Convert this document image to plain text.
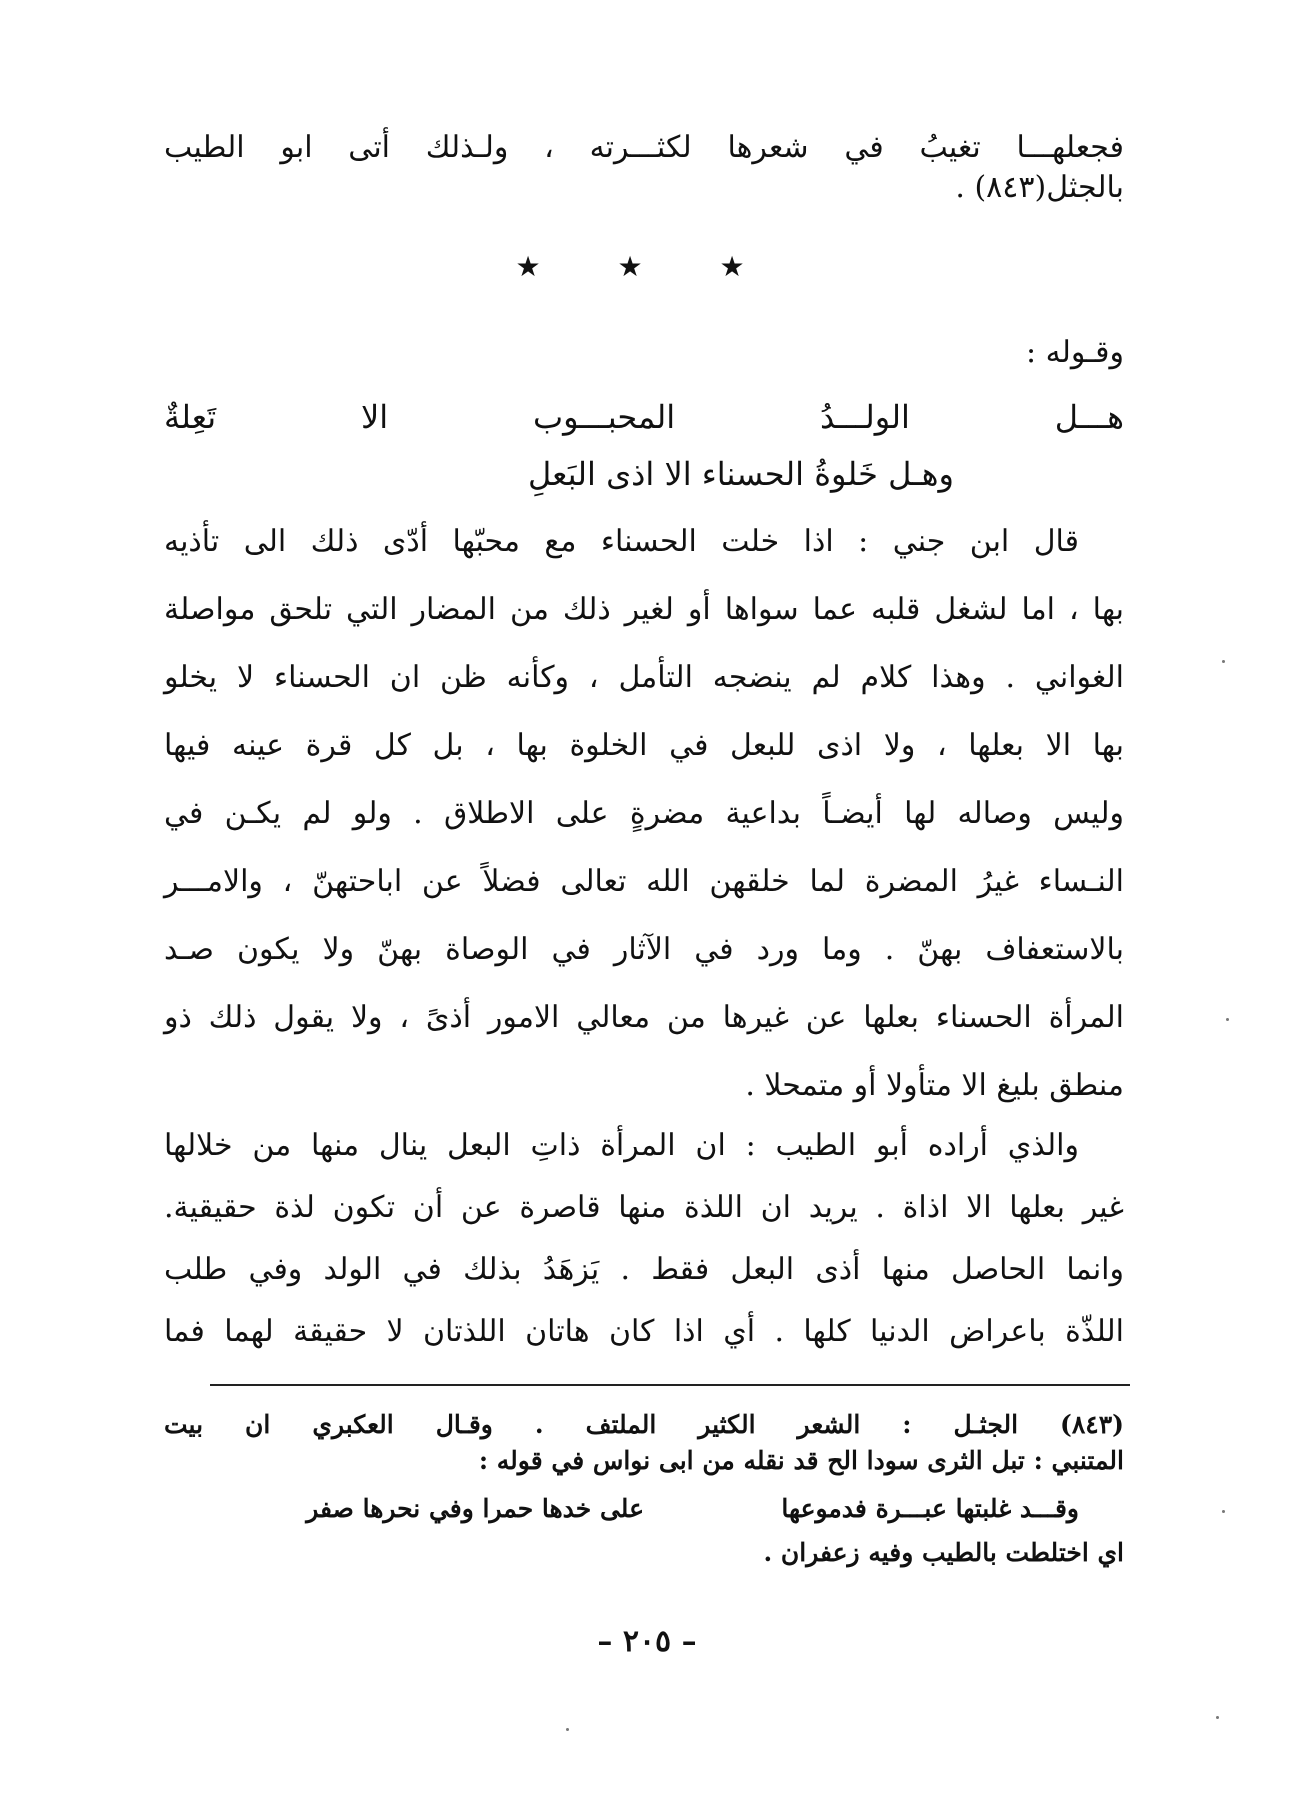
فجعلهـــا تغيبُ في شعرها لكثـــرته ، ولـذلك أتى ابو الطيب
بالجثل(٨٤٣) .
★ ★ ★
وقـوله :
هـــل الولـــدُ المحبـــوب الا تَعِلةٌ
وهـل خَلوةُ الحسناء الا اذى البَعلِ
قال ابن جني : اذا خلت الحسناء مع محبّها أدّى ذلك الى تأذيه
بها ، اما لشغل قلبه عما سواها أو لغير ذلك من المضار التي تلحق مواصلة
الغواني . وهذا كلام لم ينضجه التأمل ، وكأنه ظن ان الحسناء لا يخلو
بها الا بعلها ، ولا اذى للبعل في الخلوة بها ، بل كل قرة عينه فيها
وليس وصاله لها أيضـاً بداعية مضرةٍ على الاطلاق . ولو لم يكـن في
النـساء غيرُ المضرة لما خلقهن الله تعالى فضلاً عن اباحتهنّ ، والامـــر
بالاستعفاف بهنّ . وما ورد في الآثار في الوصاة بهنّ ولا يكون صـد
المرأة الحسناء بعلها عن غيرها من معالي الامور أذىً ، ولا يقول ذلك ذو
منطق بليغ الا متأولا أو متمحلا .
والذي أراده أبو الطيب : ان المرأة ذاتِ البعل ينال منها من خلالها
غير بعلها الا اذاة . يريد ان اللذة منها قاصرة عن أن تكون لذة حقيقية.
وانما الحاصل منها أذى البعل فقط . يَزهَدُ بذلك في الولد وفي طلب
اللذّة باعراض الدنيا كلها . أي اذا كان هاتان اللذتان لا حقيقة لهما فما
(٨٤٣) الجثـل : الشعر الكثير الملتف . وقـال العكبري ان بيت
المتنبي : تبل الثرى سودا الح قد نقله من ابى نواس في قوله :
وقـــد غلبتها عبـــرة فدموعها
على خدها حمرا وفي نحرها صفر
اي اختلطت بالطيب وفيه زعفران .
– ٢٠٥ –
